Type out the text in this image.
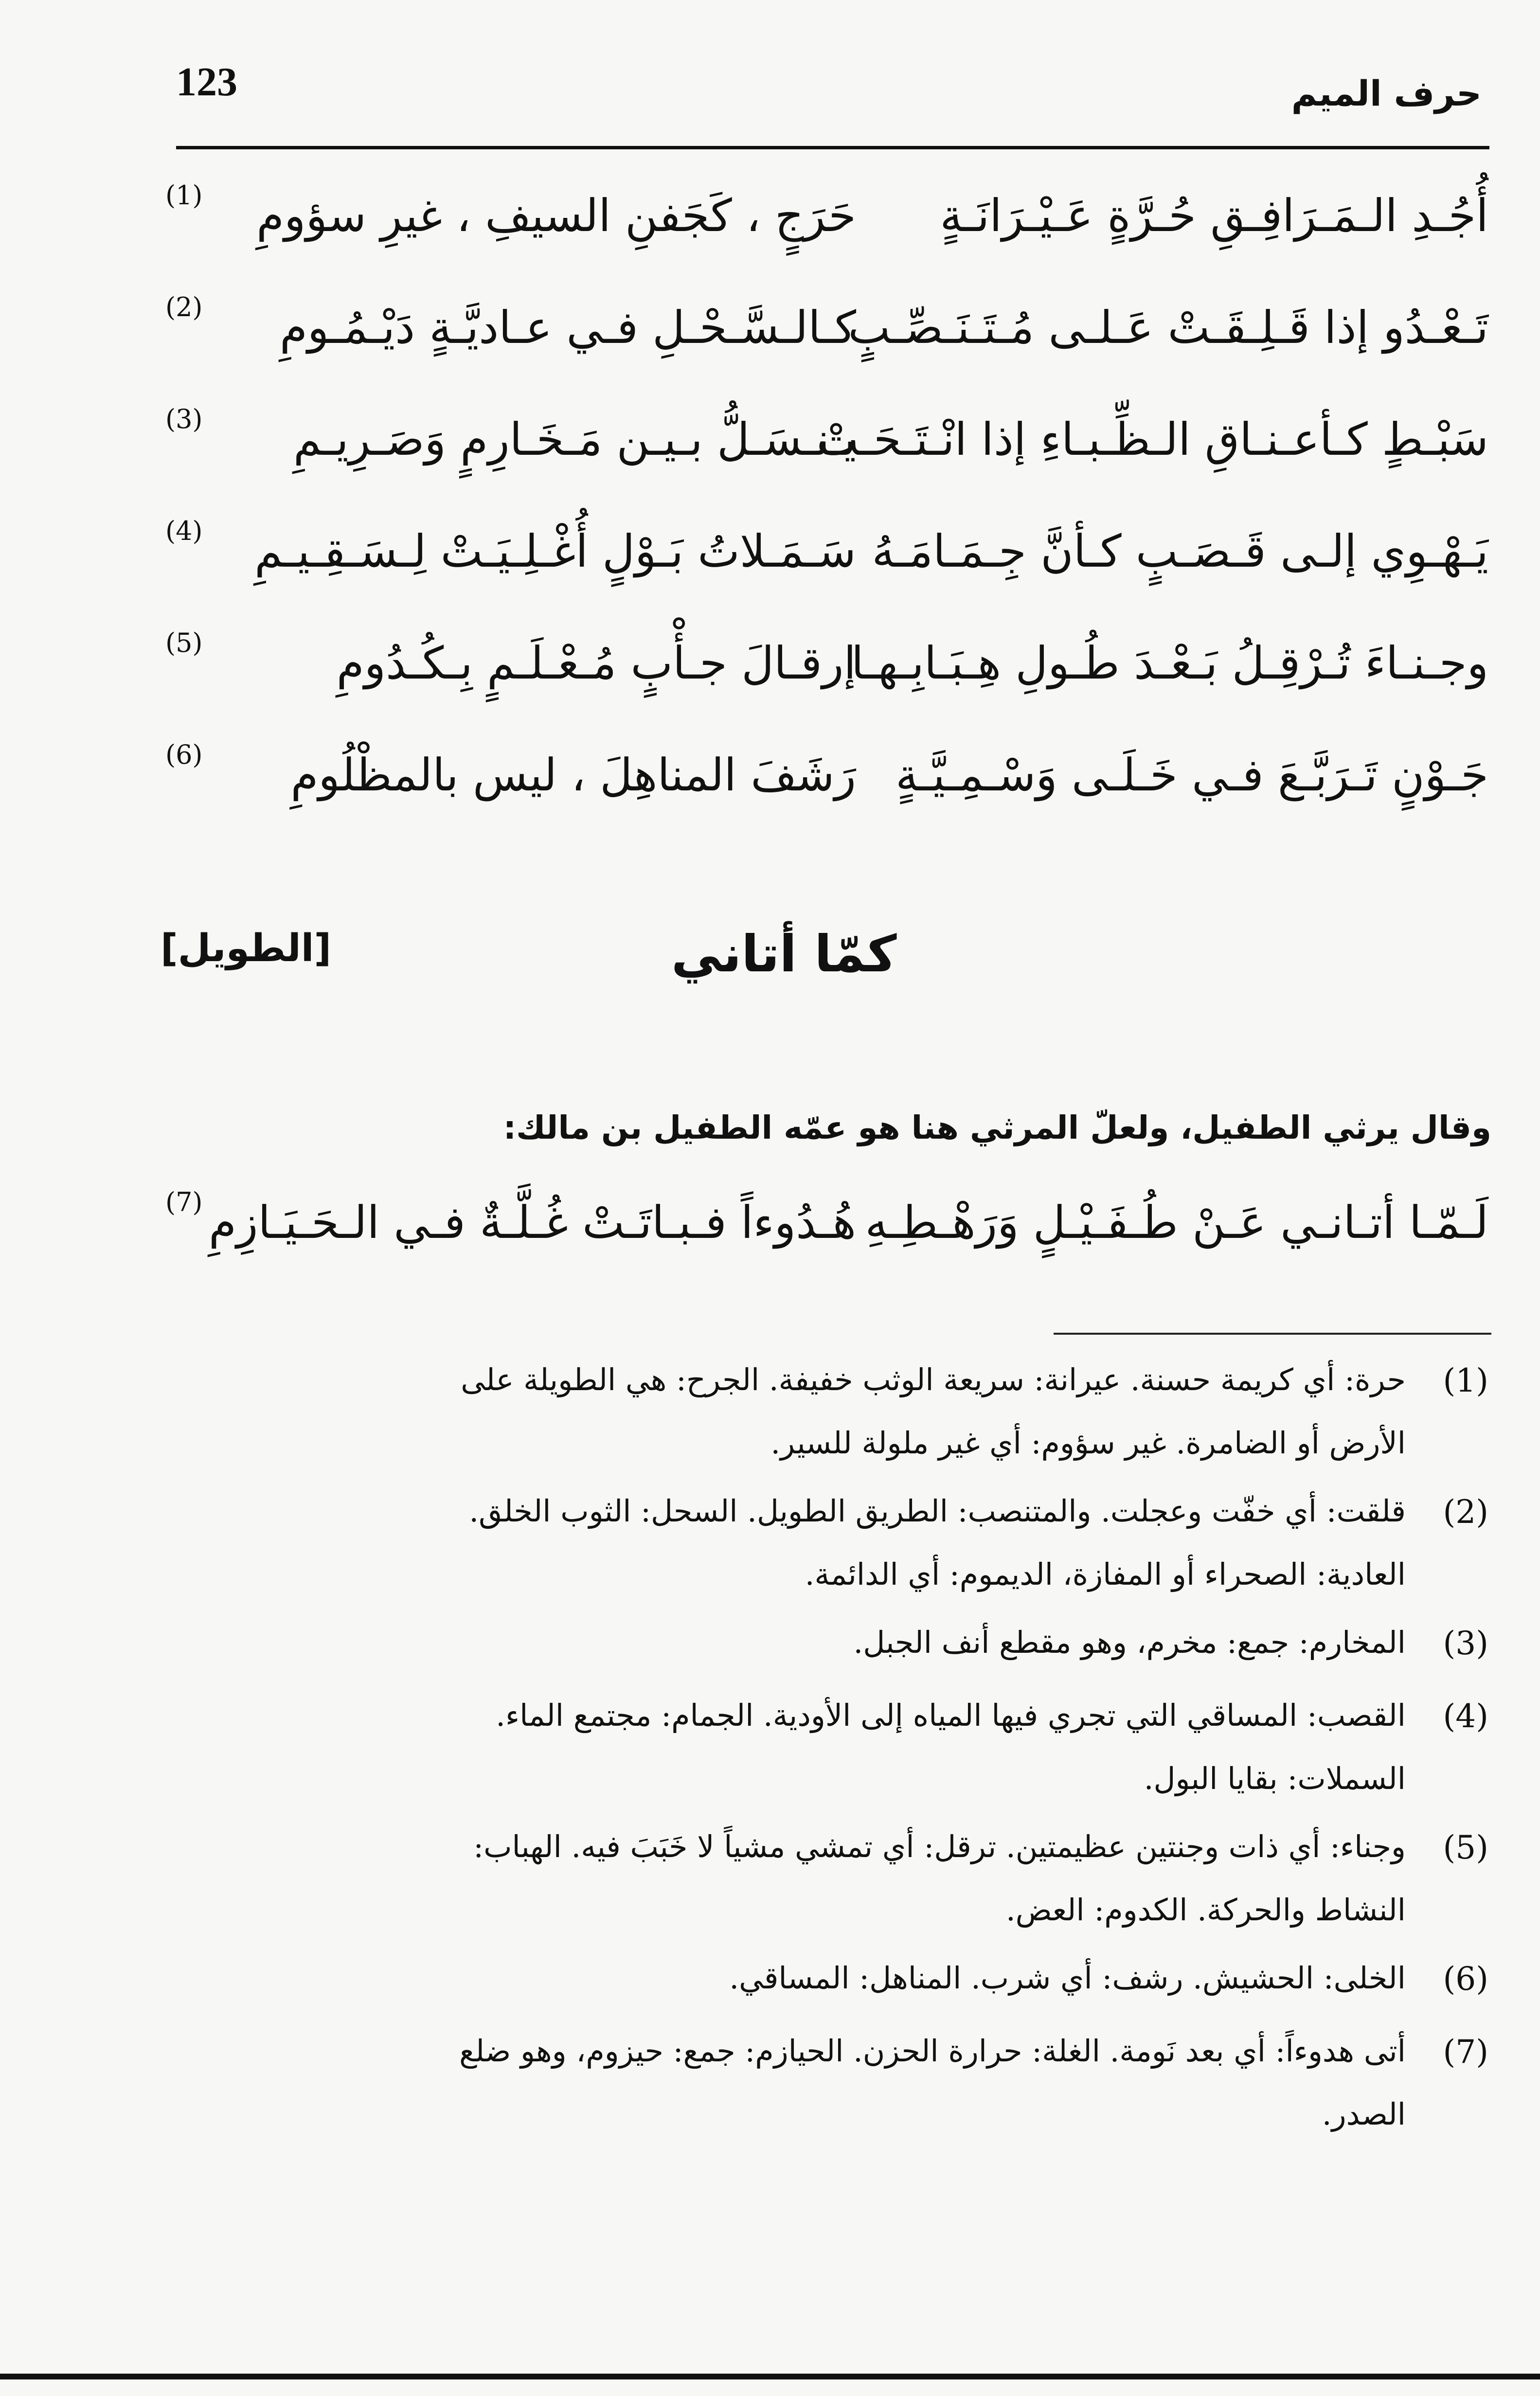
123	حرف الميم
أُجُـدِ الـمَـرَافِـقِ حُـرَّةٍ عَـيْـرَانَـةٍ
حَرَجٍ ، كَجَفنِ السيفِ ، غيرِ سؤومِ
(1)
تَـعْـدُو إذا قَـلِـقَـتْ عَـلـى مُـتَـنَـصِّـبٍ
كـالـسَّـحْـلِ فـي عـاديَّـةٍ دَيْـمُـومِ
(2)
سَبْـطٍ كـأعـنـاقِ الـظِّـبـاءِ إذا انْـتَـحَـتْ
يـنـسَـلُّ بـيـن مَـخَـارِمٍ وَصَـرِيـمِ
(3)
يَـهْـوِي إلـى قَـصَـبٍ كـأنَّ جِـمَـامَـهُ
سَـمَـلاتُ بَـوْلٍ أُغْـلِـيَـتْ لِـسَـقِـيـمِ
(4)
وجـنـاءَ تُـرْقِـلُ بَـعْـدَ طُـولِ هِـبَـابِـهـا
إرقـالَ جـأْبٍ مُـعْـلَـمٍ بِـكُـدُومِ
(5)
جَـوْنٍ تَـرَبَّـعَ فـي خَـلَـى وَسْـمِـيَّـةٍ
رَشَفَ المناهِلَ ، ليس بالمظْلُومِ
(6)
كمّا أتاني
[الطويل]
وقال يرثي الطفيل، ولعلّ المرثي هنا هو عمّه الطفيل بن مالك:
لَـمّـا أتـانـي عَـنْ طُـفَـيْـلٍ وَرَهْـطِـهِ
هُـدُوءاً فـبـاتَـتْ غُـلَّـةٌ فـي الـحَـيَـازِمِ
(7)
(1)
حرة: أي كريمة حسنة. عيرانة: سريعة الوثب خفيفة. الجرح: هي الطويلة على
الأرض أو الضامرة. غير سؤوم: أي غير ملولة للسير.
(2)
قلقت: أي خفّت وعجلت. والمتنصب: الطريق الطويل. السحل: الثوب الخلق.
العادية: الصحراء أو المفازة، الديموم: أي الدائمة.
(3)
المخارم: جمع: مخرم، وهو مقطع أنف الجبل.
(4)
القصب: المساقي التي تجري فيها المياه إلى الأودية. الجمام: مجتمع الماء.
السملات: بقايا البول.
(5)
وجناء: أي ذات وجنتين عظيمتين. ترقل: أي تمشي مشياً لا خَبَبَ فيه. الهباب:
النشاط والحركة. الكدوم: العض.
(6)
الخلى: الحشيش. رشف: أي شرب. المناهل: المساقي.
(7)
أتى هدوءاً: أي بعد نَومة. الغلة: حرارة الحزن. الحيازم: جمع: حيزوم، وهو ضلع
الصدر.
